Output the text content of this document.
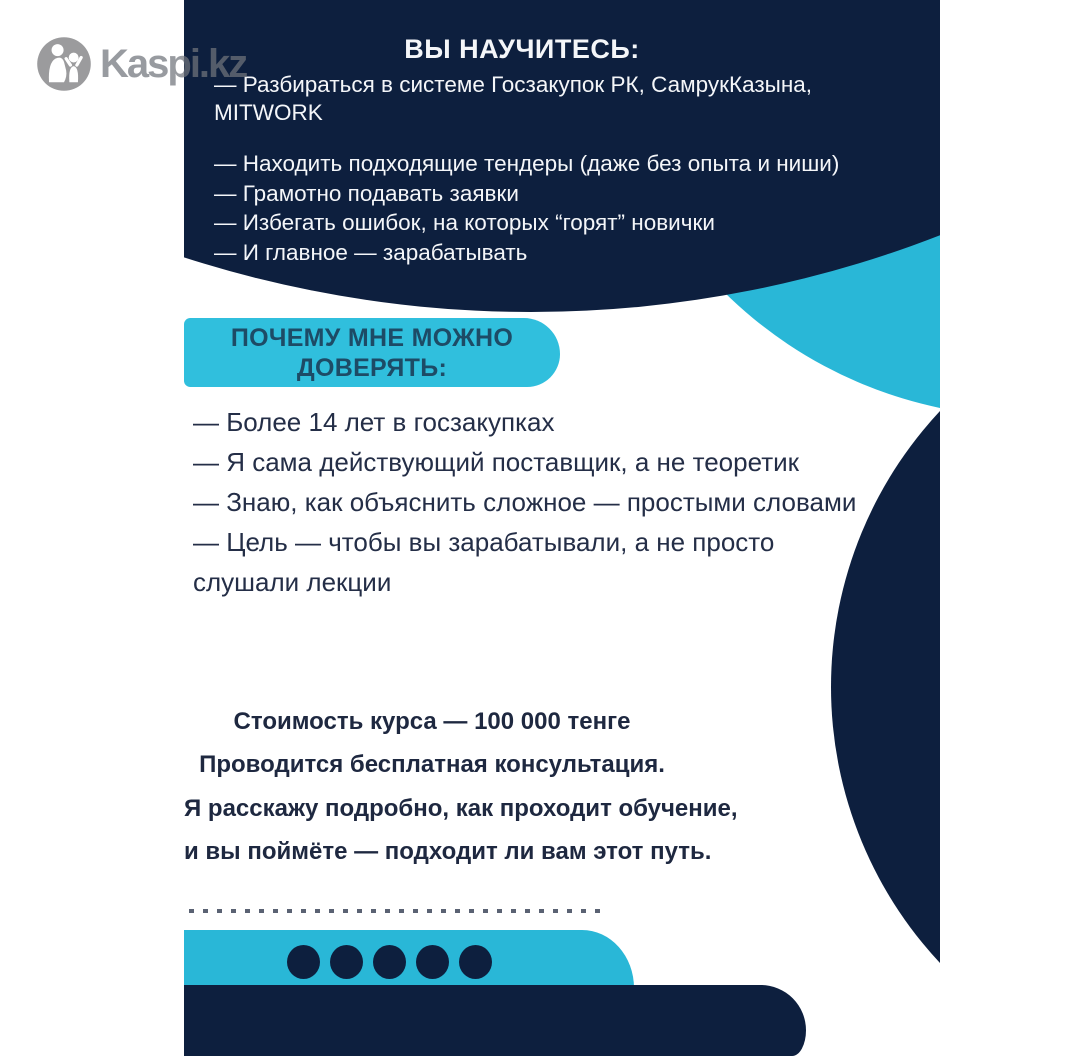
ВЫ НАУЧИТЕСЬ:
— Разбираться в системе Госзакупок РК, СамрукКазына,
MITWORK
— Находить подходящие тендеры (даже без опыта и ниши)
— Грамотно подавать заявки
— Избегать ошибок, на которых “горят” новички
— И главное — зарабатывать
ПОЧЕМУ МНЕ МОЖНО
ДОВЕРЯТЬ:
— Более 14 лет в госзакупках
— Я сама действующий поставщик, а не теоретик
— Знаю, как объяснить сложное — простыми словами
— Цель — чтобы вы зарабатывали, а не просто
слушали лекции
Стоимость курса — 100 000 тенге
Проводится бесплатная консультация.
Я расскажу подробно, как проходит обучение,
и вы поймёте — подходит ли вам этот путь.
Kaspi.kz
